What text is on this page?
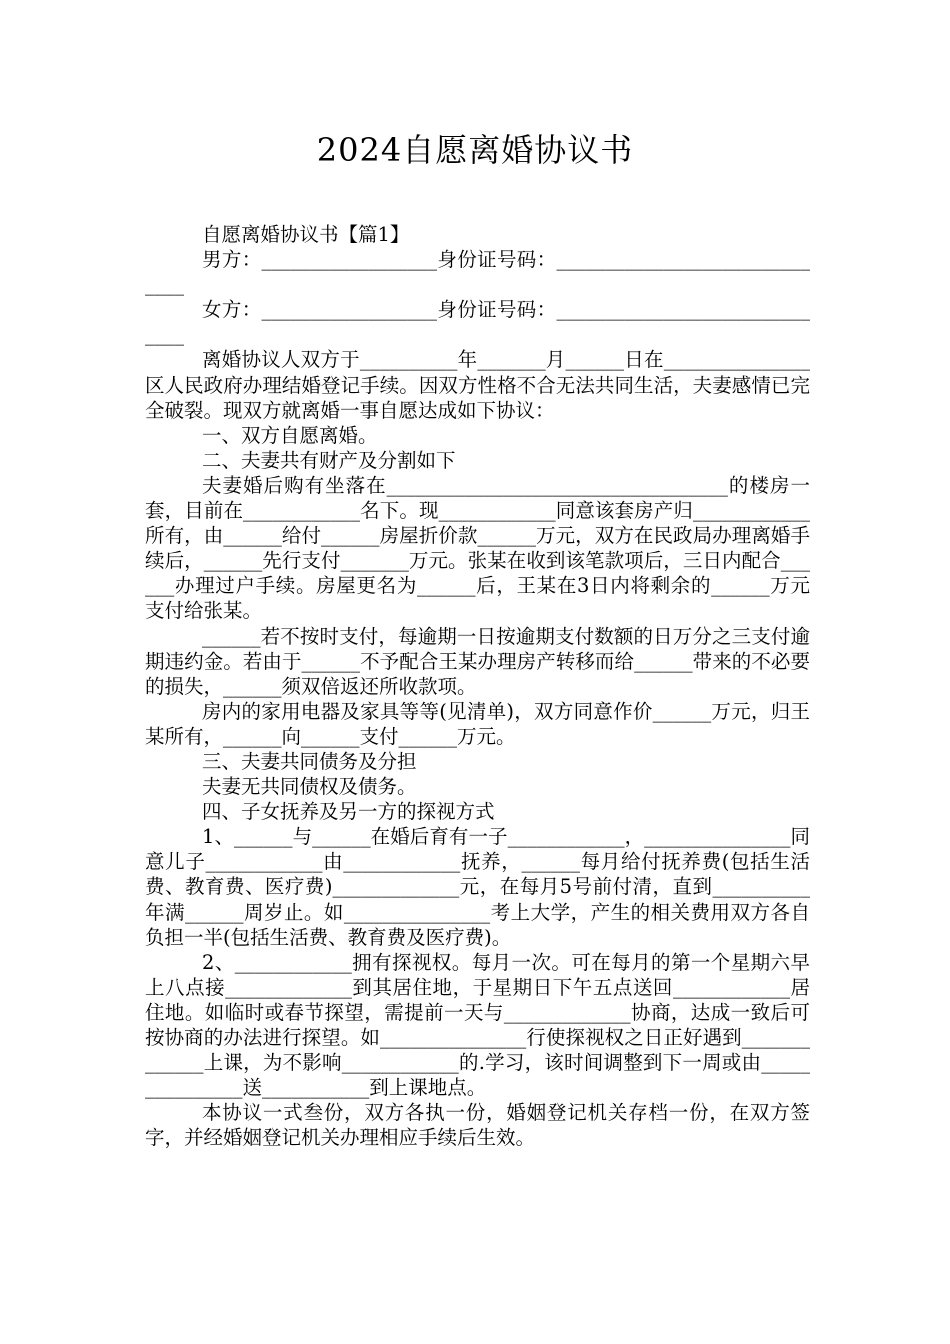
2024自愿离婚协议书

自愿离婚协议书【篇1】

男方：__________________身份证号码：______________________________

女方：__________________身份证号码：______________________________

离婚协议人双方于__________年_______月______日在_______________区人民政府办理结婚登记手续。因双方性格不合无法共同生活，夫妻感情已完全破裂。现双方就离婚一事自愿达成如下协议：

一、双方自愿离婚。

二、夫妻共有财产及分割如下

夫妻婚后购有坐落在___________________________________的楼房一套，目前在____________名下。现____________同意该套房产归____________所有，由______给付______房屋折价款______万元，双方在民政局办理离婚手续后，______先行支付_______万元。张某在收到该笔款项后，三日内配合______办理过户手续。房屋更名为______后，王某在3日内将剩余的______万元支付给张某。

______若不按时支付，每逾期一日按逾期支付数额的日万分之三支付逾期违约金。若由于______不予配合王某办理房产转移而给______带来的不必要的损失，______须双倍返还所收款项。

房内的家用电器及家具等等(见清单)，双方同意作价______万元，归王某所有，______向______支付______万元。

三、夫妻共同债务及分担

夫妻无共同债权及债务。

四、子女抚养及另一方的探视方式

1、______与______在婚后育有一子____________，_______________同意儿子____________由____________抚养，______每月给付抚养费(包括生活费、教育费、医疗费)_____________元，在每月5号前付清，直到__________年满______周岁止。如_______________考上大学，产生的相关费用双方各自负担一半(包括生活费、教育费及医疗费)。

2、____________拥有探视权。每月一次。可在每月的第一个星期六早上八点接_____________到其居住地，于星期日下午五点送回____________居住地。如临时或春节探望，需提前一天与_____________协商，达成一致后可按协商的办法进行探望。如_______________行使探视权之日正好遇到_____________上课，为不影响____________的.学习，该时间调整到下一周或由_______________送___________到上课地点。

本协议一式叁份，双方各执一份，婚姻登记机关存档一份，在双方签字，并经婚姻登记机关办理相应手续后生效。
